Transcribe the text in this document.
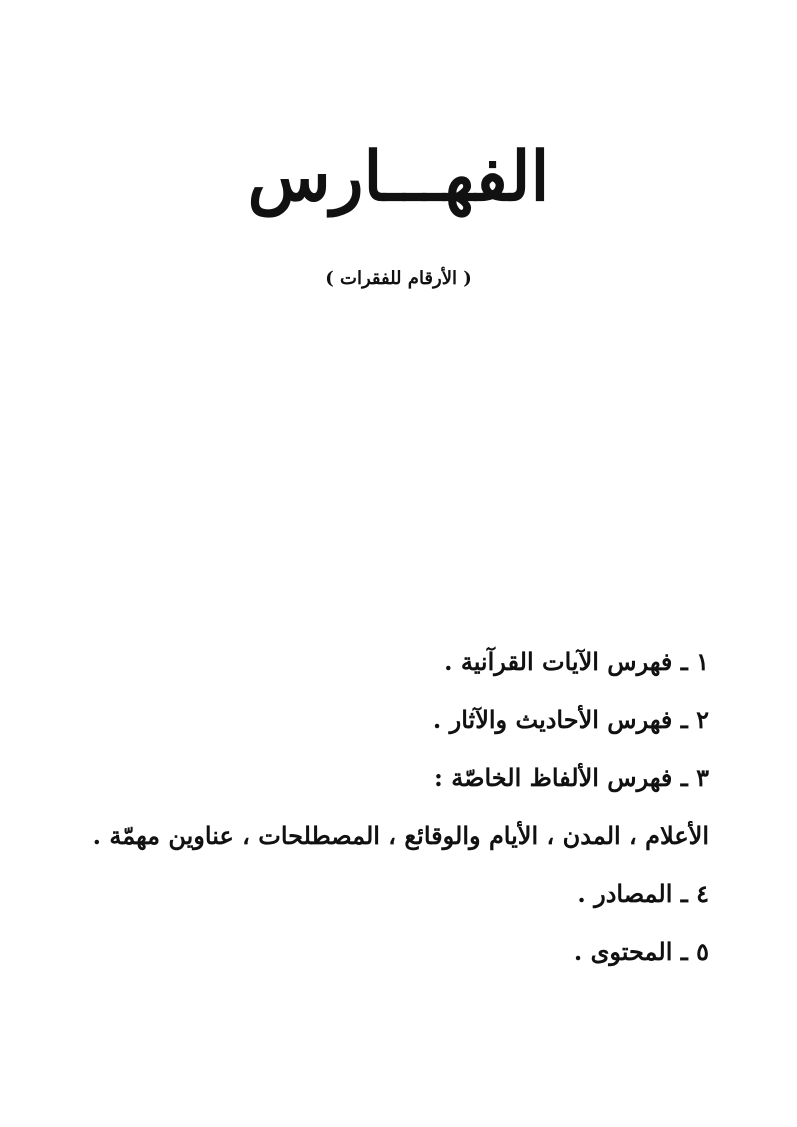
الفهـــارس

( الأرقام للفقرات )

١ ـ فهرس الآيات القرآنية .
٢ ـ فهرس الأحاديث والآثار .
٣ ـ فهرس الألفاظ الخاصّة :
الأعلام ، المدن ، الأيام والوقائع ، المصطلحات ، عناوين مهمّة .
٤ ـ المصادر .
٥ ـ المحتوى .
